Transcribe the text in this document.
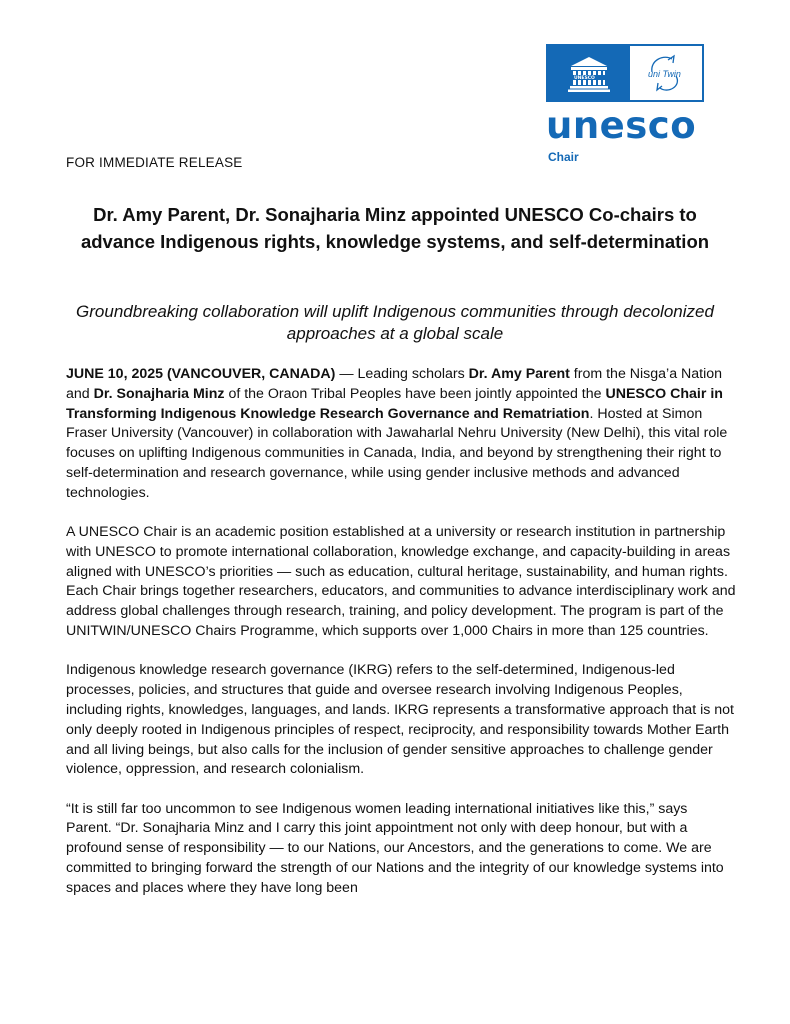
UNESCO	uni Twin
unesco
Chair
FOR IMMEDIATE RELEASE
Dr. Amy Parent, Dr. Sonajharia Minz appointed UNESCO Co-chairs to advance Indigenous rights, knowledge systems, and self-determination
Groundbreaking collaboration will uplift Indigenous communities through decolonized approaches at a global scale

JUNE 10, 2025 (VANCOUVER, CANADA) — Leading scholars Dr. Amy Parent from the Nisga’a Nation and Dr. Sonajharia Minz of the Oraon Tribal Peoples have been jointly appointed the UNESCO Chair in Transforming Indigenous Knowledge Research Governance and Rematriation. Hosted at Simon Fraser University (Vancouver) in collaboration with Jawaharlal Nehru University (New Delhi), this vital role focuses on uplifting Indigenous communities in Canada, India, and beyond by strengthening their right to self-determination and research governance, while using gender inclusive methods and advanced technologies.

A UNESCO Chair is an academic position established at a university or research institution in partnership with UNESCO to promote international collaboration, knowledge exchange, and capacity-building in areas aligned with UNESCO’s priorities — such as education, cultural heritage, sustainability, and human rights. Each Chair brings together researchers, educators, and communities to advance interdisciplinary work and address global challenges through research, training, and policy development. The program is part of the UNITWIN/UNESCO Chairs Programme, which supports over 1,000 Chairs in more than 125 countries.

Indigenous knowledge research governance (IKRG) refers to the self-determined, Indigenous-led processes, policies, and structures that guide and oversee research involving Indigenous Peoples, including rights, knowledges, languages, and lands. IKRG represents a transformative approach that is not only deeply rooted in Indigenous principles of respect, reciprocity, and responsibility towards Mother Earth and all living beings, but also calls for the inclusion of gender sensitive approaches to challenge gender violence, oppression, and research colonialism.

“It is still far too uncommon to see Indigenous women leading international initiatives like this,” says Parent. “Dr. Sonajharia Minz and I carry this joint appointment not only with deep honour, but with a profound sense of responsibility — to our Nations, our Ancestors, and the generations to come. We are committed to bringing forward the strength of our Nations and the integrity of our knowledge systems into spaces and places where they have long been
